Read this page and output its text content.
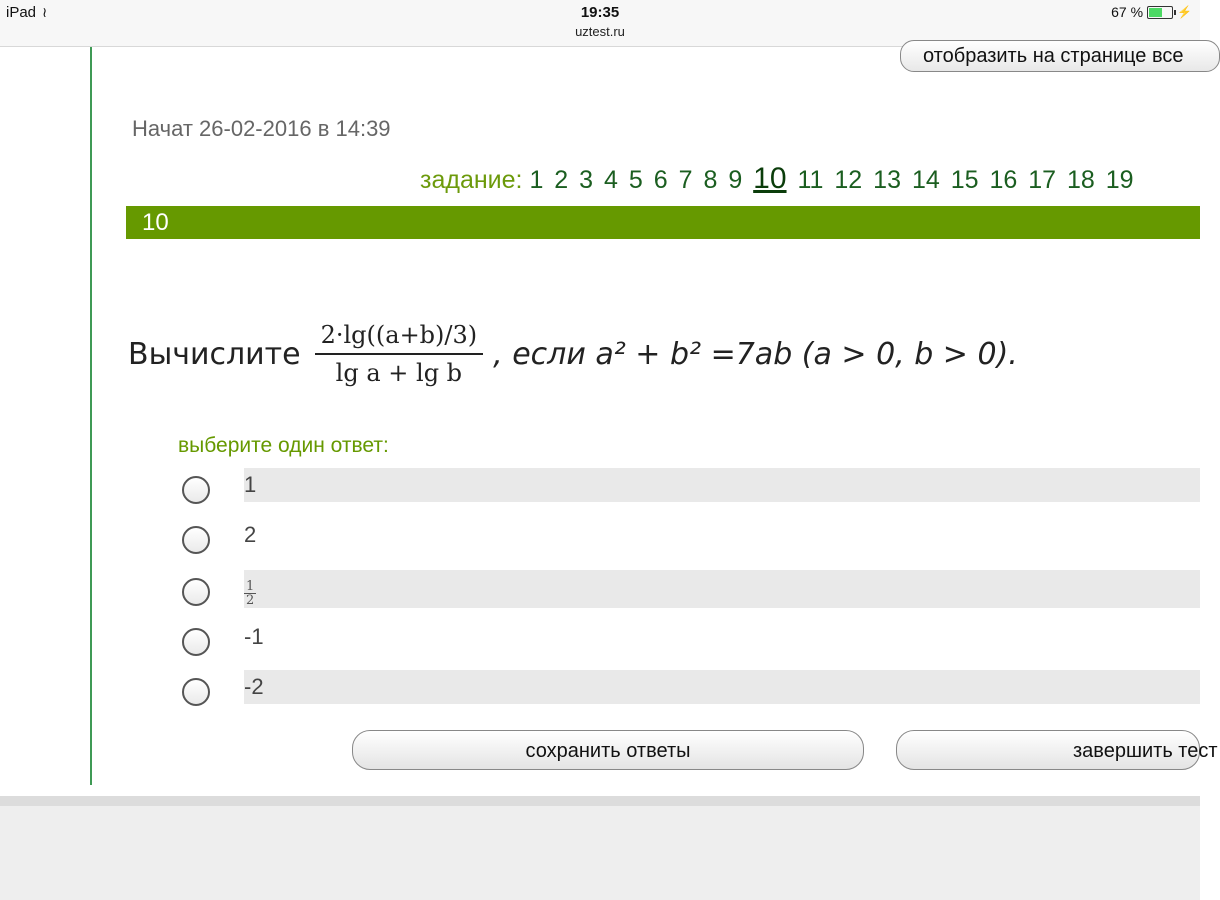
iPad ≀	19:35
uztest.ru
67 %	⚡
отобразить на странице все
Начат 26-02-2016 в 14:39
задание: 1 2 3 4 5 6 7 8 9 10 11 12 13 14 15 16 17 18 19
10
Вычислите $\frac{2\cdot\lg((a+b)/3)}{\text{lg a + lg b}}$ , если a² + b² =7ab (a > 0, b > 0).
выберите один ответ:
1
2
$\frac{1}{2}$
-1
-2
сохранить ответы	завершить тест
